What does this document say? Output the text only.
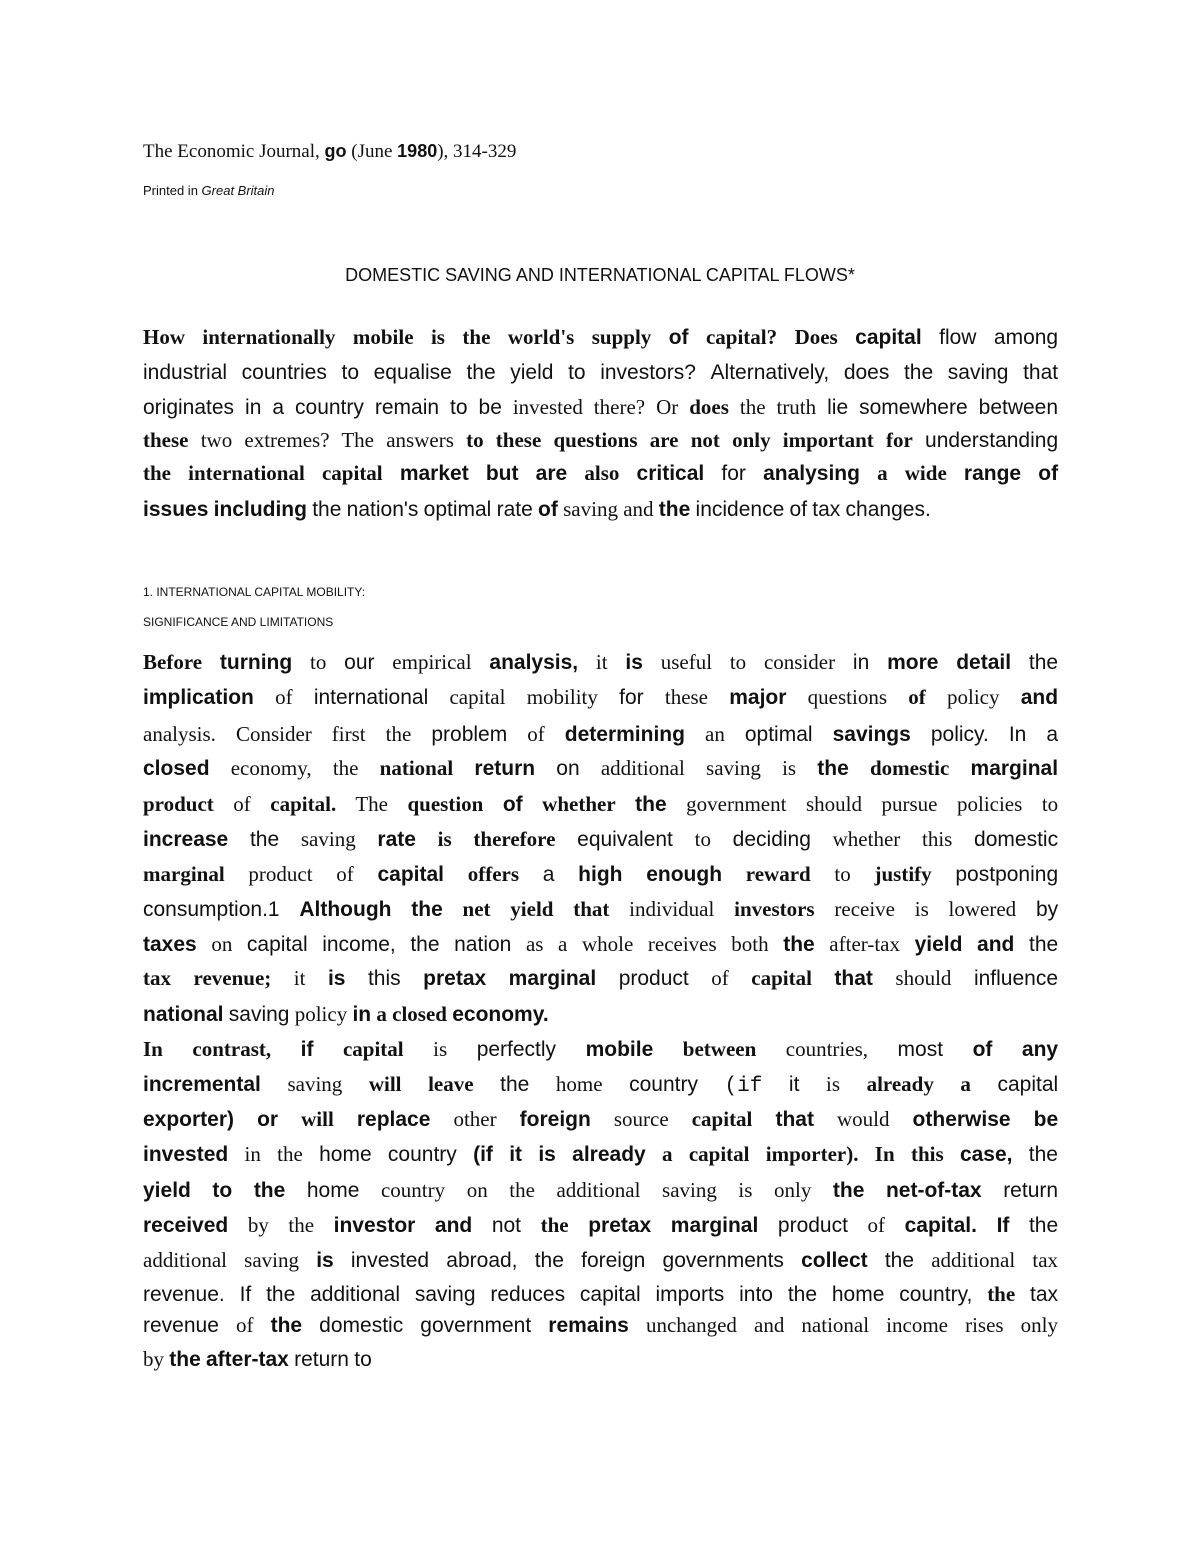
The Economic Journal, go (June 1980), 314-329
Printed in Great Britain
DOMESTIC SAVING AND INTERNATIONAL CAPITAL FLOWS*
How internationally mobile is the world's supply of capital? Does capital flow among
industrial countries to equalise the yield to investors? Alternatively, does the saving that
originates in a country remain to be invested there? Or does the truth lie somewhere between
these two extremes? The answers to these questions are not only important for understanding
the international capital market but are also critical for analysing a wide range of
issues including the nation's optimal rate of saving and the incidence of tax changes.
1. INTERNATIONAL CAPITAL MOBILITY:
SIGNIFICANCE AND LIMITATIONS
Before turning to our empirical analysis, it is useful to consider in more detail the
implication of international capital mobility for these major questions of policy and
analysis. Consider first the problem of determining an optimal savings policy. In a
closed economy, the national return on additional saving is the domestic marginal
product of capital. The question of whether the government should pursue policies to
increase the saving rate is therefore equivalent to deciding whether this domestic
marginal product of capital offers a high enough reward to justify postponing
consumption.1 Although the net yield that individual investors receive is lowered by
taxes on capital income, the nation as a whole receives both the after-tax yield and the
tax revenue; it is this pretax marginal product of capital that should influence
national saving policy in a closed economy.
In contrast, if capital is perfectly mobile between countries, most of any
incremental saving will leave the home country (if it is already a capital
exporter) or will replace other foreign source capital that would otherwise be
invested in the home country (if it is already a capital importer). In this case, the
yield to the home country on the additional saving is only the net-of-tax return
received by the investor and not the pretax marginal product of capital. If the
additional saving is invested abroad, the foreign governments collect the additional tax
revenue. If the additional saving reduces capital imports into the home country, the tax
revenue of the domestic government remains unchanged and national income rises only
by the after-tax return to
